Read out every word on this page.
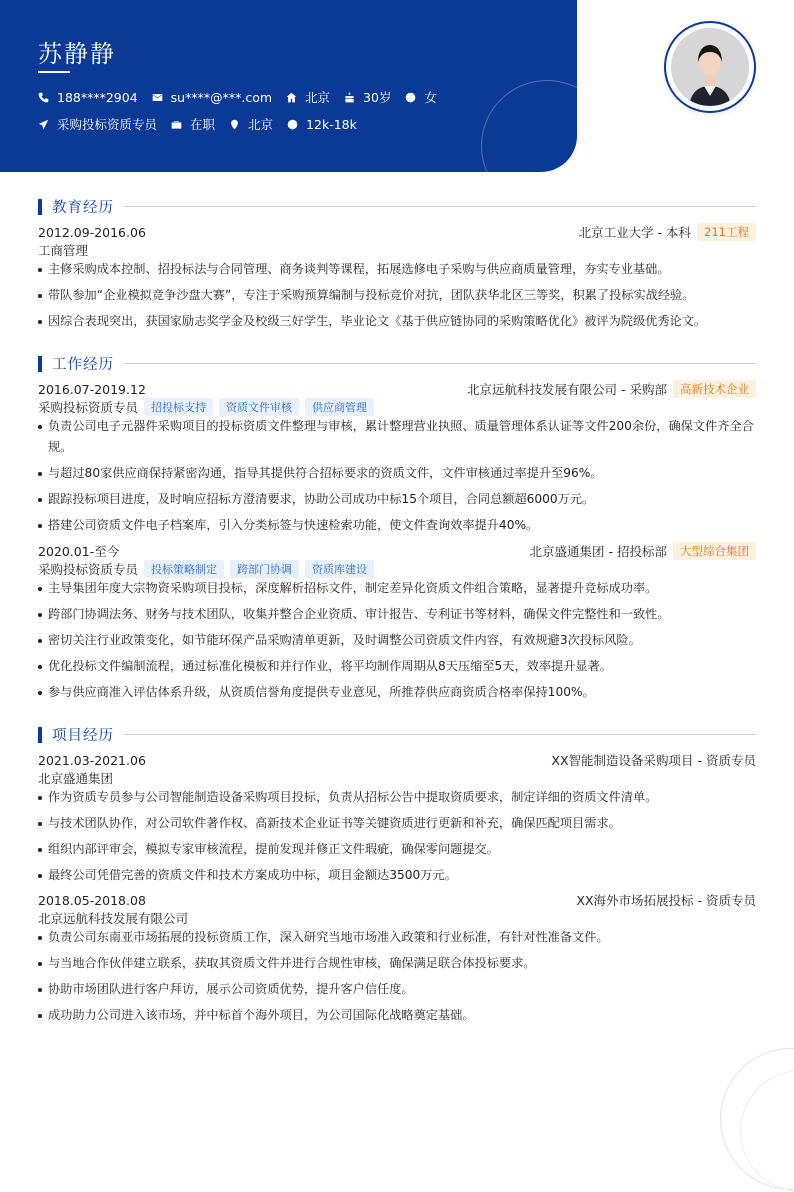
苏静静
188****2904	su****@***.com	北京	30岁	女
采购投标资质专员	在职	北京	12k-18k
教育经历
2012.09-2016.06	北京工业大学 - 本科	211工程
工商管理
主修采购成本控制、招投标法与合同管理、商务谈判等课程，拓展选修电子采购与供应商质量管理，夯实专业基础。
带队参加“企业模拟竞争沙盘大赛”，专注于采购预算编制与投标竞价对抗，团队获华北区三等奖，积累了投标实战经验。
因综合表现突出，获国家励志奖学金及校级三好学生，毕业论文《基于供应链协同的采购策略优化》被评为院级优秀论文。
工作经历
2016.07-2019.12	北京远航科技发展有限公司 - 采购部	高新技术企业
采购投标资质专员	招投标支持	资质文件审核	供应商管理
负责公司电子元器件采购项目的投标资质文件整理与审核，累计整理营业执照、质量管理体系认证等文件200余份，确保文件齐全合规。
与超过80家供应商保持紧密沟通，指导其提供符合招标要求的资质文件，文件审核通过率提升至96%。
跟踪投标项目进度，及时响应招标方澄清要求，协助公司成功中标15个项目，合同总额超6000万元。
搭建公司资质文件电子档案库，引入分类标签与快速检索功能，使文件查询效率提升40%。
2020.01-至今	北京盛通集团 - 招投标部	大型综合集团
采购投标资质专员	投标策略制定	跨部门协调	资质库建设
主导集团年度大宗物资采购项目投标，深度解析招标文件，制定差异化资质文件组合策略，显著提升竞标成功率。
跨部门协调法务、财务与技术团队，收集并整合企业资质、审计报告、专利证书等材料，确保文件完整性和一致性。
密切关注行业政策变化，如节能环保产品采购清单更新，及时调整公司资质文件内容，有效规避3次投标风险。
优化投标文件编制流程，通过标准化模板和并行作业，将平均制作周期从8天压缩至5天，效率提升显著。
参与供应商准入评估体系升级，从资质信誉角度提供专业意见，所推荐供应商资质合格率保持100%。
项目经历
2021.03-2021.06	XX智能制造设备采购项目 - 资质专员
北京盛通集团
作为资质专员参与公司智能制造设备采购项目投标，负责从招标公告中提取资质要求，制定详细的资质文件清单。
与技术团队协作，对公司软件著作权、高新技术企业证书等关键资质进行更新和补充，确保匹配项目需求。
组织内部评审会，模拟专家审核流程，提前发现并修正文件瑕疵，确保零问题提交。
最终公司凭借完善的资质文件和技术方案成功中标，项目金额达3500万元。
2018.05-2018.08	XX海外市场拓展投标 - 资质专员
北京远航科技发展有限公司
负责公司东南亚市场拓展的投标资质工作，深入研究当地市场准入政策和行业标准，有针对性准备文件。
与当地合作伙伴建立联系，获取其资质文件并进行合规性审核，确保满足联合体投标要求。
协助市场团队进行客户拜访，展示公司资质优势，提升客户信任度。
成功助力公司进入该市场，并中标首个海外项目，为公司国际化战略奠定基础。
